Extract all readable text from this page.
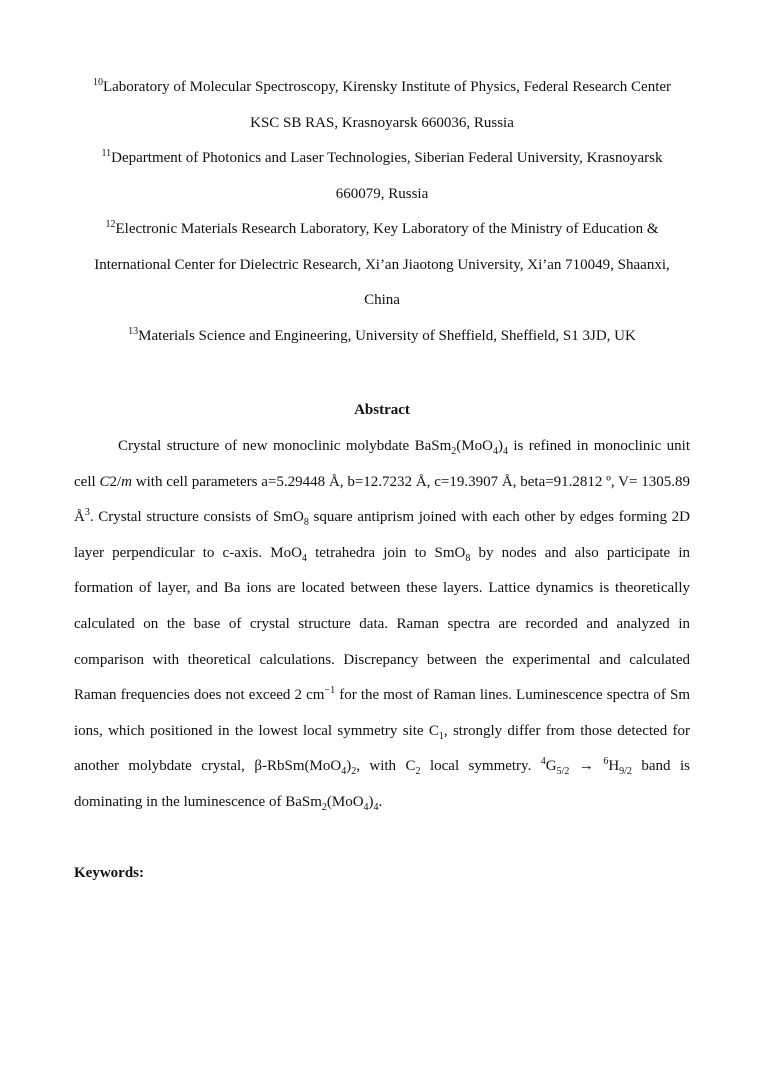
$^{10}$Laboratory of Molecular Spectroscopy, Kirensky Institute of Physics, Federal Research Center
KSC SB RAS, Krasnoyarsk 660036, Russia

$^{11}$Department of Photonics and Laser Technologies, Siberian Federal University, Krasnoyarsk
660079, Russia

$^{12}$Electronic Materials Research Laboratory, Key Laboratory of the Ministry of Education &
International Center for Dielectric Research, Xi’an Jiaotong University, Xi’an 710049, Shaanxi,
China

$^{13}$Materials Science and Engineering, University of Sheffield, Sheffield, S1 3JD, UK

Abstract

Crystal structure of new monoclinic molybdate $BaSm_2(MoO_4)_4$ is refined in monoclinic unit cell C2/m with cell parameters a=5.29448 Å, b=12.7232 Å, c=19.3907 Å, beta=91.2812 º, V= 1305.89 $Å^3$. Crystal structure consists of SmO$_8$ square antiprism joined with each other by edges forming 2D layer perpendicular to c-axis. MoO$_4$ tetrahedra join to SmO$_8$ by nodes and also participate in formation of layer, and Ba ions are located between these layers. Lattice dynamics is theoretically calculated on the base of crystal structure data. Raman spectra are recorded and analyzed in comparison with theoretical calculations. Discrepancy between the experimental and calculated Raman frequencies does not exceed 2 $cm^{-1}$ for the most of Raman lines. Luminescence spectra of Sm ions, which positioned in the lowest local symmetry site $C_1$, strongly differ from those detected for another molybdate crystal, $\beta-RbSm(MoO_4)_2$, with $C_2$ local symmetry. $^4G_{5/2} \to ^6H_{9/2}$ band is dominating in the luminescence of $BaSm_2(MoO_4)_4$.

Keywords:
